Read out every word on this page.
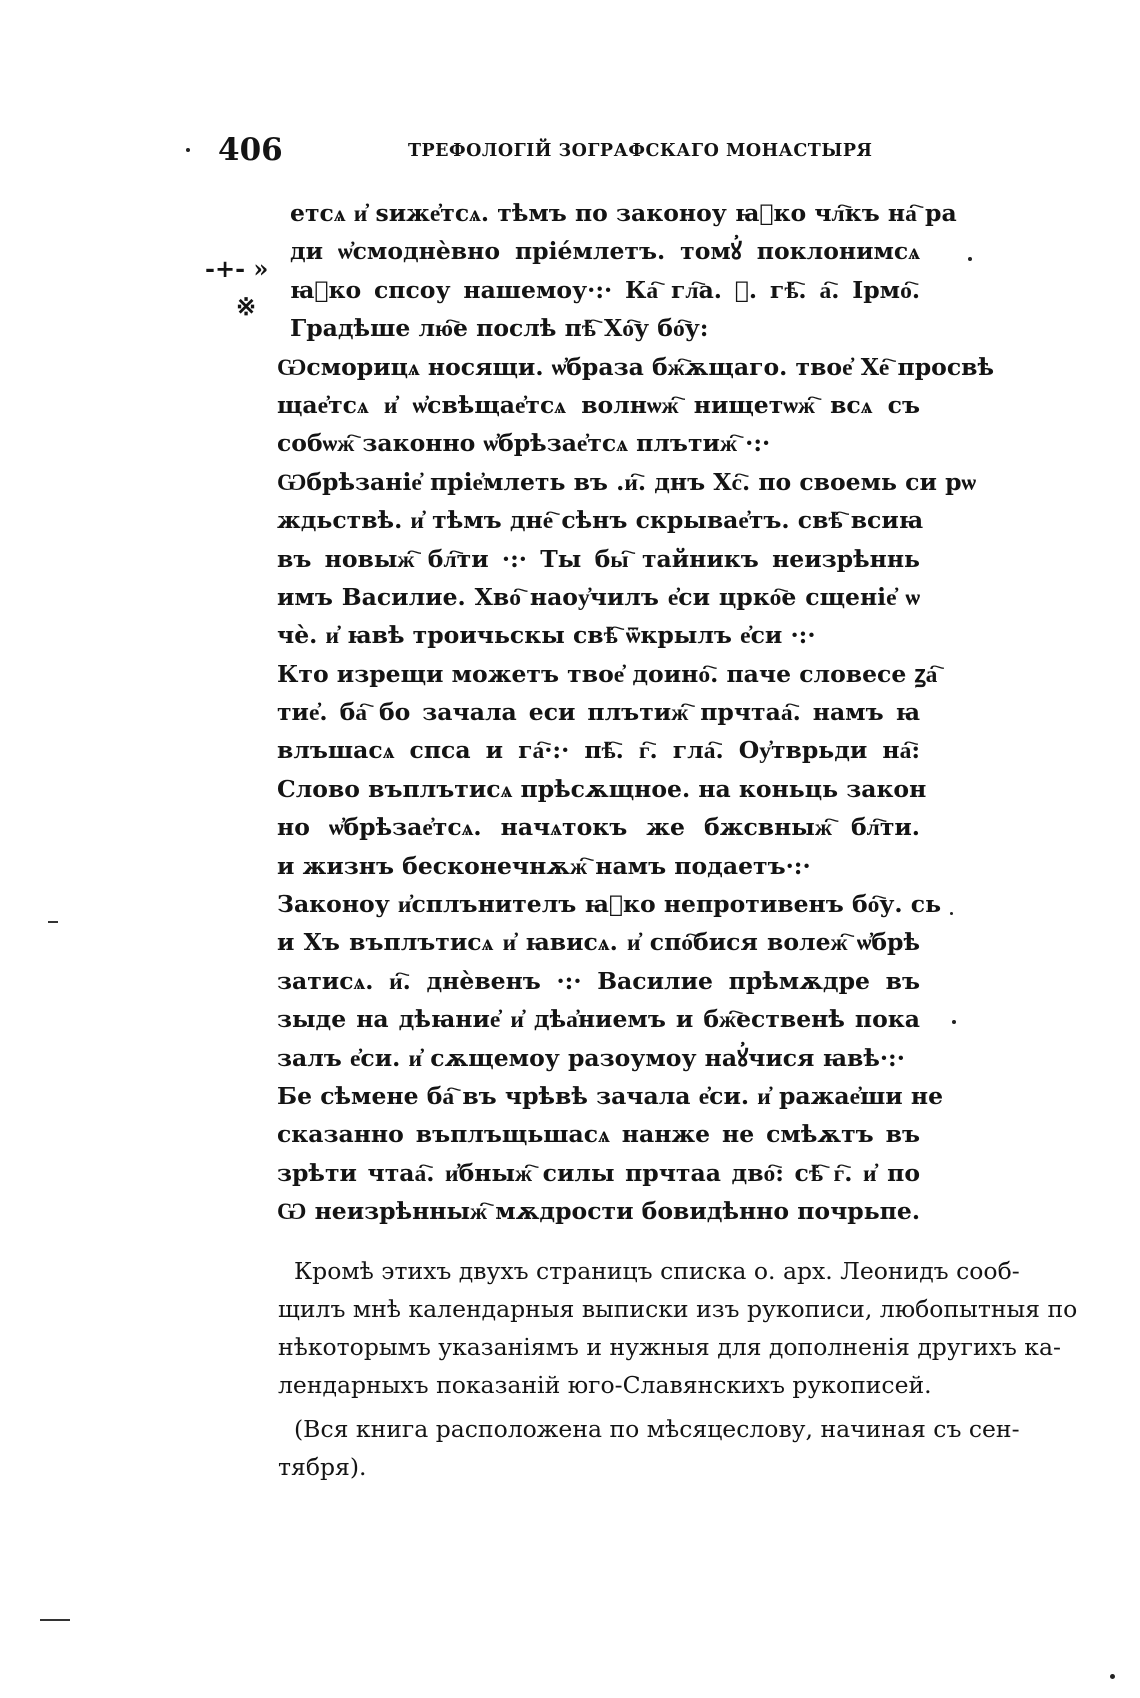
406	ТРЕФОЛОГIЙ ЗОГРАФСКАГО МОНАСТЫРЯ
-+- »
※
етсѧ и҆ ѕиже҆тсѧ. тѣмъ по законоу ꙗ҆ко чл҇къ на҇ ра
ди ѡ҆смоднѐвно прiе́млетъ. томꙋ҆ поклонимсѧ
ꙗ҆ко спсоу нашемоу·:· Ка҇ гл҇а. ☐. гѣ҇. а҇. Iрмо҇.
Градѣше лю҇е послѣ пѣ҇ Хо҇у бо҇у:
Ѡсморицѧ носящи. ѡ҆браза бж҇ѫщаго. твое҆ Хе҇ просвѣ
щае҆тсѧ и҆ ѡ҆свѣщае҆тсѧ волнѡж҇ нищетѡж҇ всѧ съ
собѡж҇ законно ѡ҆брѣзае҆тсѧ плътиж҇ ·:·
Ѡбрѣзанiе҆ прiе҆млеть въ .и҇. днъ Хс҇. по своемь си рѡ
ждьствѣ. и҆ тѣмъ дне҇ сѣнъ скрывае҆тъ. свѣ҇ всиꙗ
въ новыж҇ бл҇ти ·:· Ты бы҇ тайникъ неизрѣннь
имъ Василие. Хво҇ наоу҆чилъ е҆си црко҇е сщенiе҆ ѡ
чѐ. и҆ ꙗвѣ троичьскы свѣ҇ ѿкрылъ е҆си ·:·
Кто изрещи можетъ твое҆ доино҇. паче словесе ꙁа҇
тие҆. ба҇ бо зачала еси плътиж҇ прчтаа҇. намъ ꙗ
влъшасѧ спса и га҇·:· пѣ҇. г҇. гла҇. Оу҆тврьди на҇:
Слово въплътисѧ прѣсѫщное. на коньць закон
но ѡ҆брѣзае҆тсѧ. начѧтокъ же бжсвныж҇ бл҇ти.
и жизнъ бесконечнѫж҇ намъ подаетъ·:·
Законоу и҆сплънителъ ꙗ҆ко непротивенъ бо҇у. сь
и Хъ въплътисѧ и҆ ꙗвисѧ. и҆ спо҇бися волеж҇ ѡ҆брѣ
затисѧ. и҇. днѐвенъ ·:· Василие прѣмѫдре въ
зыде на дѣꙗние҆ и҆ дѣа҆ниемъ и бж҇ественѣ пока
залъ е҆си. и҆ сѫщемоу разоумоу наꙋ҆чися ꙗвѣ·:·
Бе сѣмене ба҇ въ чрѣвѣ зачала е҆си. и҆ ражае҆ши не
сказанно въплъщьшасѧ нанже не смѣѫтъ въ
зрѣти чтаа҇. и҆бныж҇ силы прчтаа дво҇: сѣ҇ г҇. и҆ по
Ѡ неизрѣнныж҇ мѫдрости бовидѣнно почрьпе.
Кромѣ этихъ двухъ страницъ списка о. арх. Леонидъ сооб-
щилъ мнѣ календарныя выписки изъ рукописи, любопытныя по
нѣкоторымъ указанiямъ и нужныя для дополненiя другихъ ка-
лендарныхъ показанiй юго-Славянскихъ рукописей.
(Вся книга расположена по мѣсяцеслову, начиная съ сен-
тября).
